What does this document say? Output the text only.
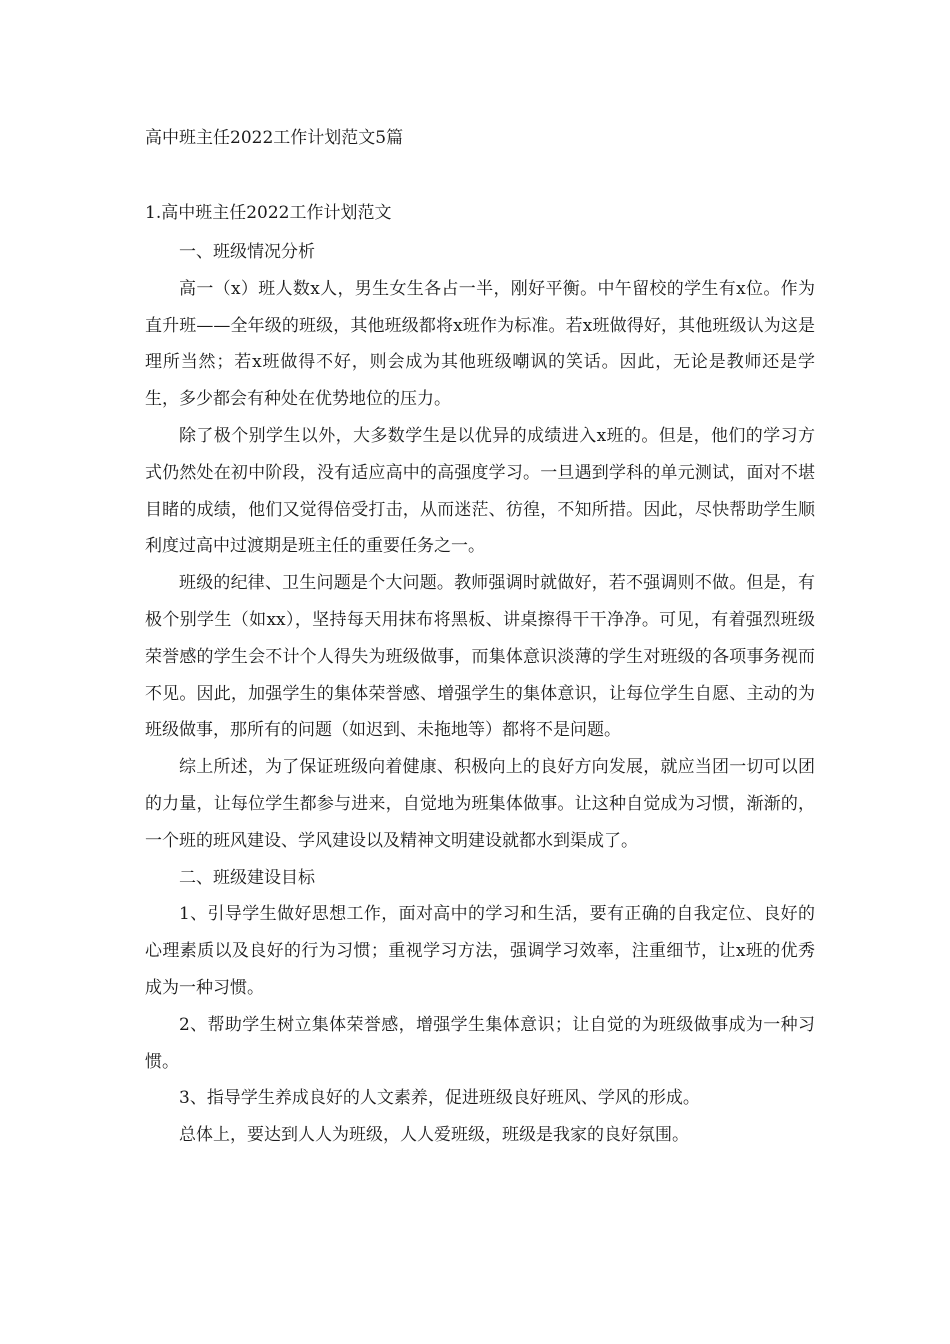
高中班主任2022工作计划范文5篇
1.高中班主任2022工作计划范文

一、班级情况分析

高一（x）班人数x人，男生女生各占一半，刚好平衡。中午留校的学生有x位。作为直升班——全年级的班级，其他班级都将x班作为标准。若x班做得好，其他班级认为这是理所当然；若x班做得不好，则会成为其他班级嘲讽的笑话。因此，无论是教师还是学生，多少都会有种处在优势地位的压力。

除了极个别学生以外，大多数学生是以优异的成绩进入x班的。但是，他们的学习方式仍然处在初中阶段，没有适应高中的高强度学习。一旦遇到学科的单元测试，面对不堪目睹的成绩，他们又觉得倍受打击，从而迷茫、彷徨，不知所措。因此，尽快帮助学生顺利度过高中过渡期是班主任的重要任务之一。

班级的纪律、卫生问题是个大问题。教师强调时就做好，若不强调则不做。但是，有极个别学生（如xx），坚持每天用抹布将黑板、讲桌擦得干干净净。可见，有着强烈班级荣誉感的学生会不计个人得失为班级做事，而集体意识淡薄的学生对班级的各项事务视而不见。因此，加强学生的集体荣誉感、增强学生的集体意识，让每位学生自愿、主动的为班级做事，那所有的问题（如迟到、未拖地等）都将不是问题。

综上所述，为了保证班级向着健康、积极向上的良好方向发展，就应当团一切可以团的力量，让每位学生都参与进来，自觉地为班集体做事。让这种自觉成为习惯，渐渐的，一个班的班风建设、学风建设以及精神文明建设就都水到渠成了。

二、班级建设目标

1、引导学生做好思想工作，面对高中的学习和生活，要有正确的自我定位、良好的心理素质以及良好的行为习惯；重视学习方法，强调学习效率，注重细节，让x班的优秀成为一种习惯。

2、帮助学生树立集体荣誉感，增强学生集体意识；让自觉的为班级做事成为一种习惯。

3、指导学生养成良好的人文素养，促进班级良好班风、学风的形成。

总体上，要达到人人为班级，人人爱班级，班级是我家的良好氛围。
